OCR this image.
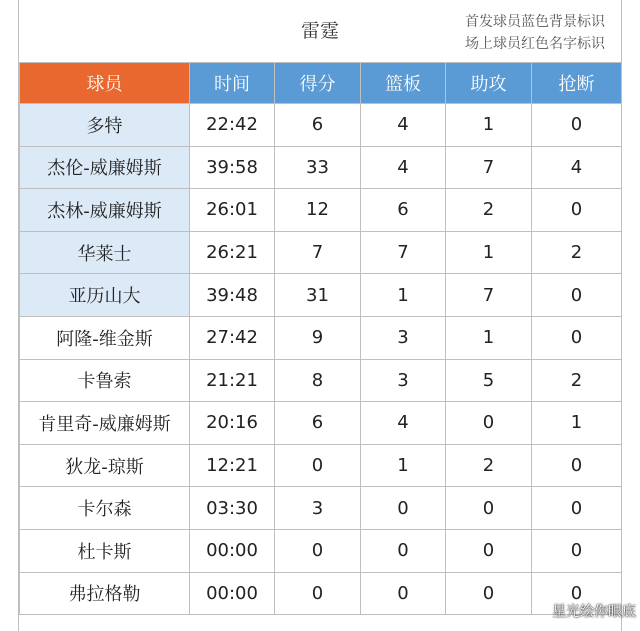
雷霆	首发球员蓝色背景标识
场上球员红色名字标识
球员	时间	得分	篮板	助攻	抢断
多特	22:42	6	4	1	0
杰伦-威廉姆斯	39:58	33	4	7	4
杰林-威廉姆斯	26:01	12	6	2	0
华莱士	26:21	7	7	1	2
亚历山大	39:48	31	1	7	0
阿隆-维金斯	27:42	9	3	1	0
卡鲁索	21:21	8	3	5	2
肯里奇-威廉姆斯	20:16	6	4	0	1
狄龙-琼斯	12:21	0	1	2	0
卡尔森	03:30	3	0	0	0
杜卡斯	00:00	0	0	0	0
弗拉格勒	00:00	0	0	0	0
星光绘你眼底
